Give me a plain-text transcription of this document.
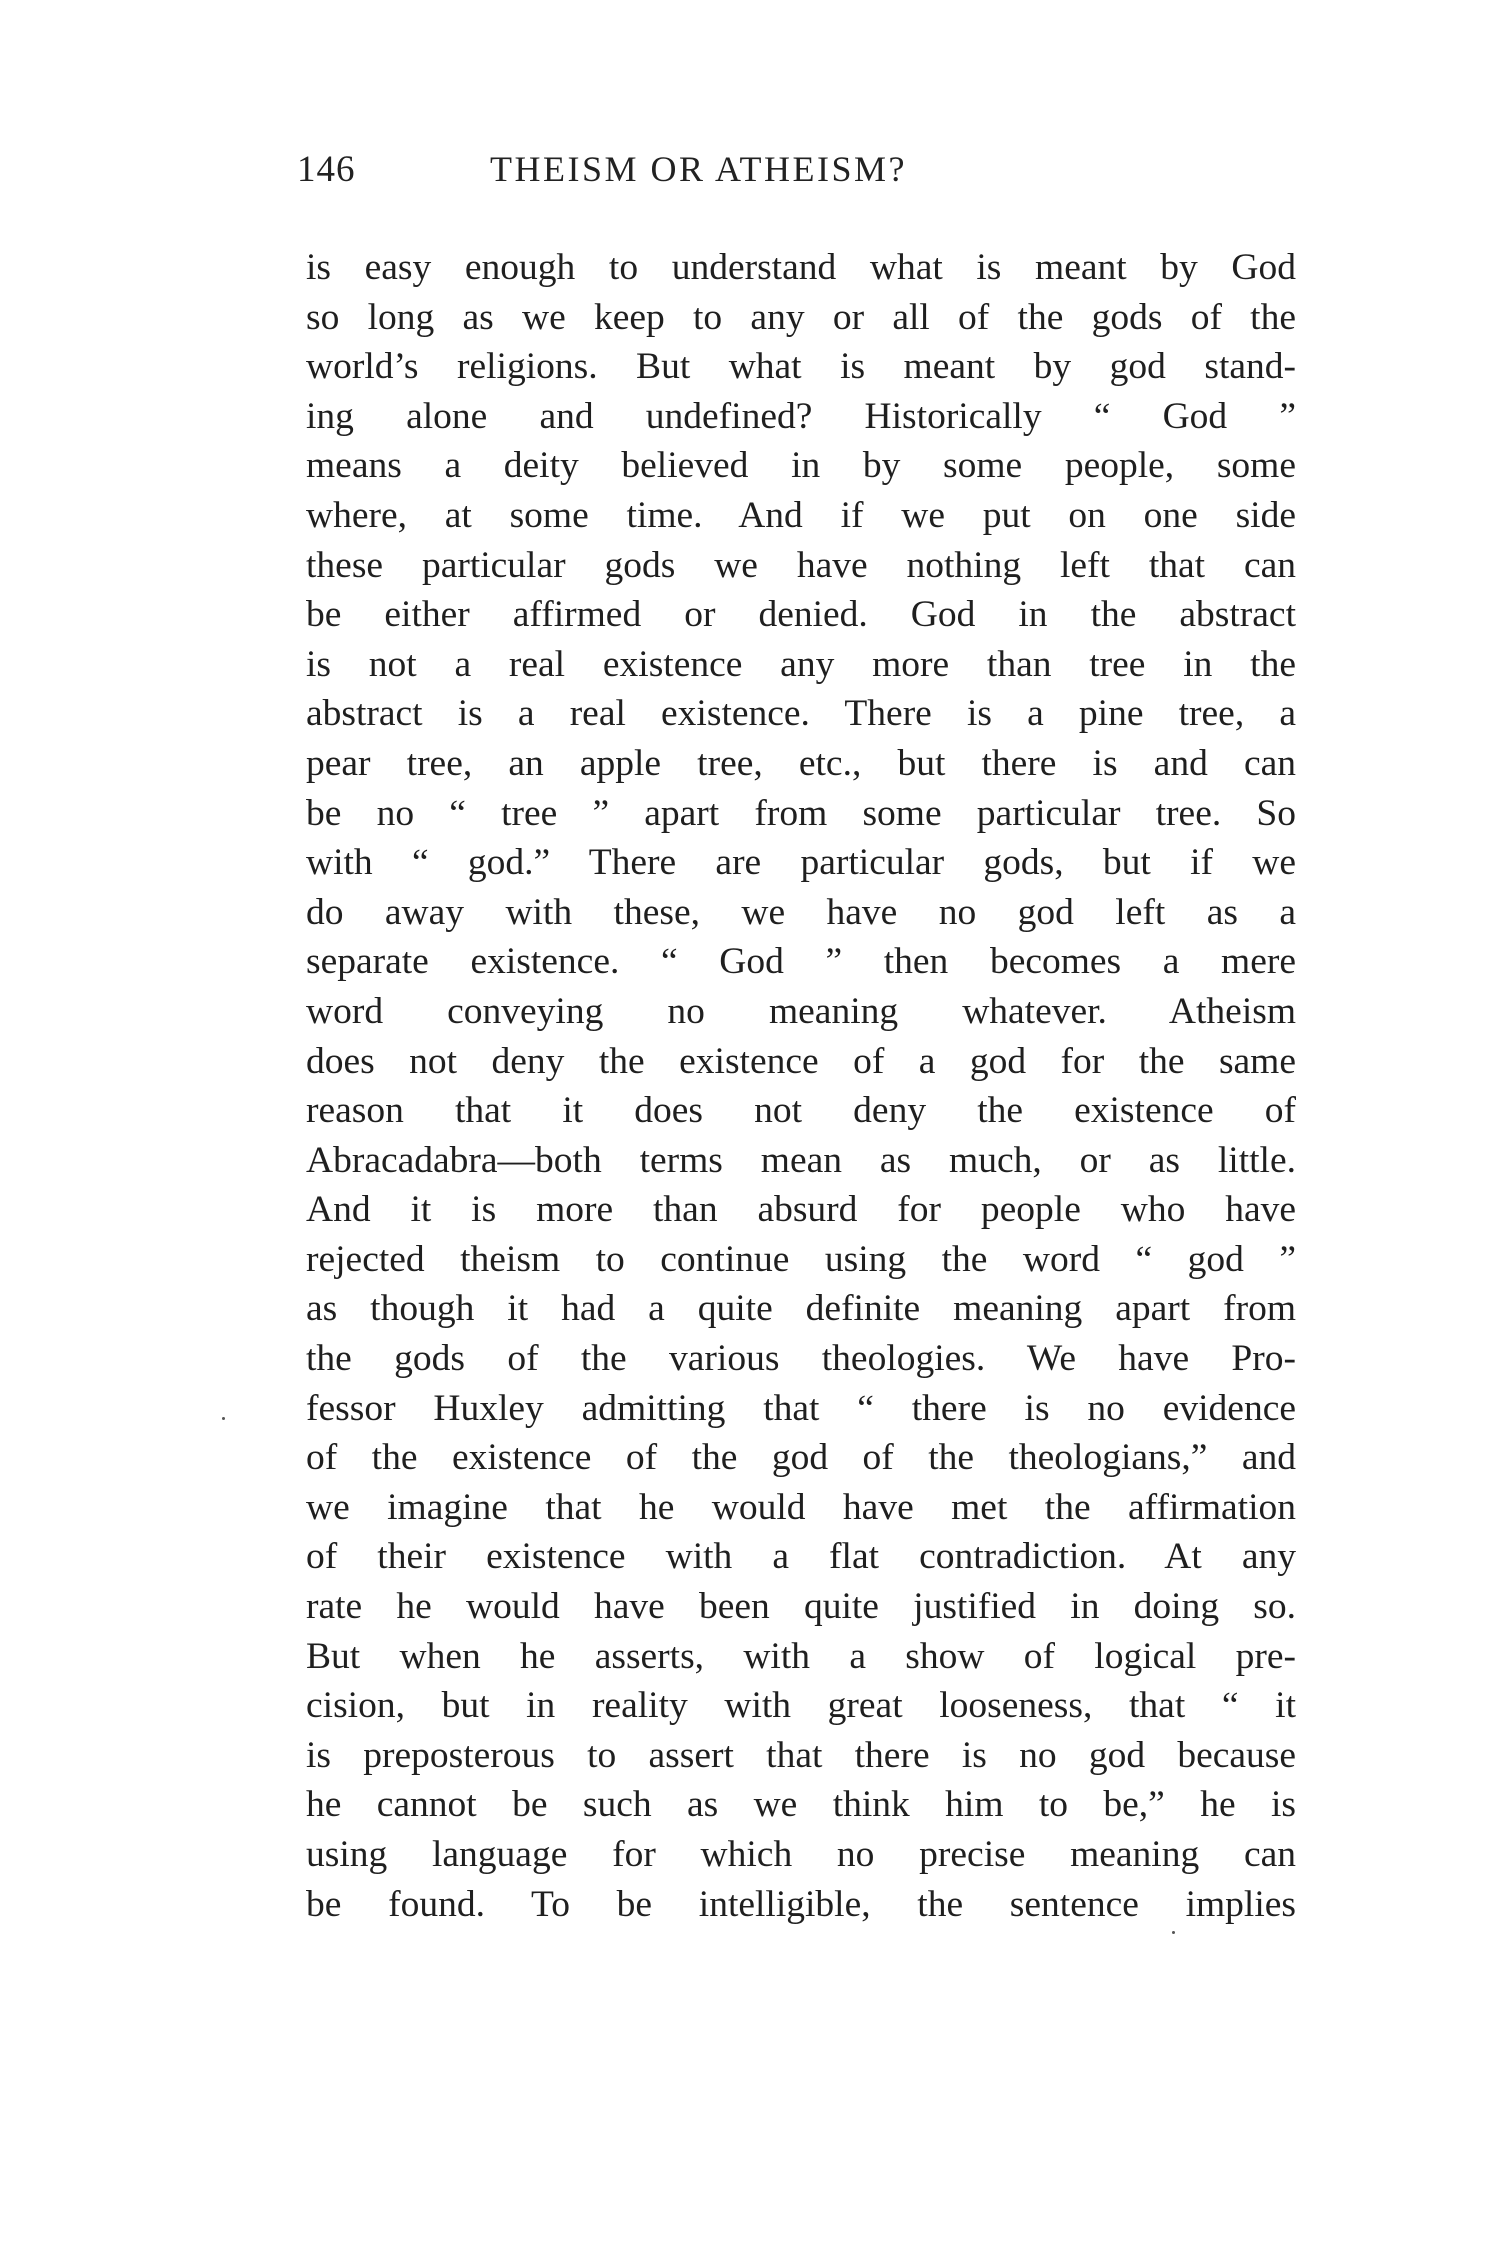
146	THEISM OR ATHEISM?
is easy enough to understand what is meant by God
so long as we keep to any or all of the gods of the
world’s religions. But what is meant by god stand-
ing alone and undefined? Historically “ God ”
means a deity believed in by some people, some
where, at some time. And if we put on one side
these particular gods we have nothing left that can
be either affirmed or denied. God in the abstract
is not a real existence any more than tree in the
abstract is a real existence. There is a pine tree, a
pear tree, an apple tree, etc., but there is and can
be no “ tree ” apart from some particular tree. So
with “ god.” There are particular gods, but if we
do away with these, we have no god left as a
separate existence. “ God ” then becomes a mere
word conveying no meaning whatever. Atheism
does not deny the existence of a god for the same
reason that it does not deny the existence of
Abracadabra—both terms mean as much, or as little.
And it is more than absurd for people who have
rejected theism to continue using the word “ god ”
as though it had a quite definite meaning apart from
the gods of the various theologies. We have Pro-
fessor Huxley admitting that “ there is no evidence
of the existence of the god of the theologians,” and
we imagine that he would have met the affirmation
of their existence with a flat contradiction. At any
rate he would have been quite justified in doing so.
But when he asserts, with a show of logical pre-
cision, but in reality with great looseness, that “ it
is preposterous to assert that there is no god because
he cannot be such as we think him to be,” he is
using language for which no precise meaning can
be found. To be intelligible, the sentence implies
